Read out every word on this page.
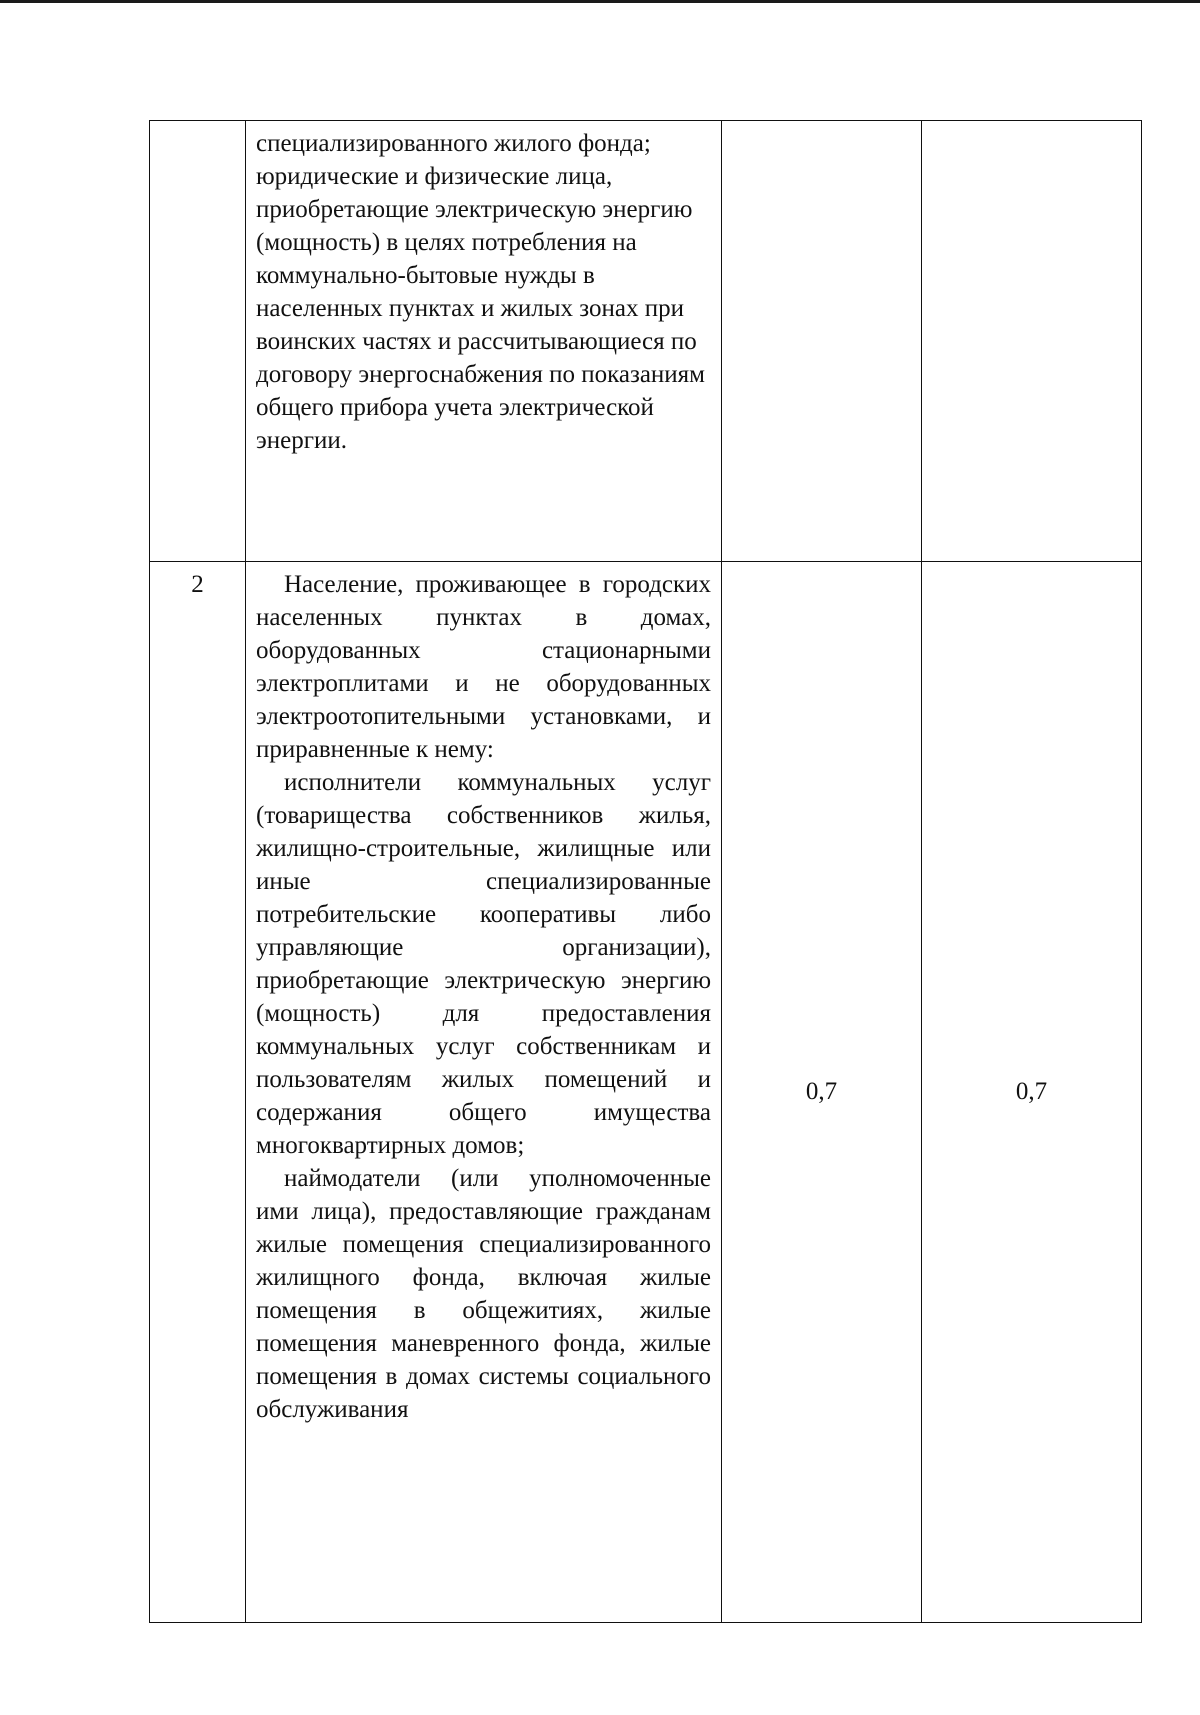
	специализированного жилого фонда;

юридические и физические лица, приобретающие электрическую энергию (мощность) в целях потребления на коммунально-бытовые нужды в населенных пунктах и жилых зонах при воинских частях и рассчитывающиеся по договору энергоснабжения по показаниям общего прибора учета электрической энергии.		

2	Население, проживающее в городских населенных пунктах в домах, оборудованных стационарными электроплитами и не оборудованных электроотопительными установками, и приравненные к нему:

исполнители коммунальных услуг (товарищества собственников жилья, жилищно-строительные, жилищные или иные специализированные потребительские кооперативы либо управляющие организации), приобретающие электрическую энергию (мощность) для предоставления коммунальных услуг собственникам и пользователям жилых помещений и содержания общего имущества многоквартирных домов;

наймодатели (или уполномоченные ими лица), предоставляющие гражданам жилые помещения специализированного жилищного фонда, включая жилые помещения в общежитиях, жилые помещения маневренного фонда, жилые помещения в домах системы социального обслуживания	0,7	0,7
